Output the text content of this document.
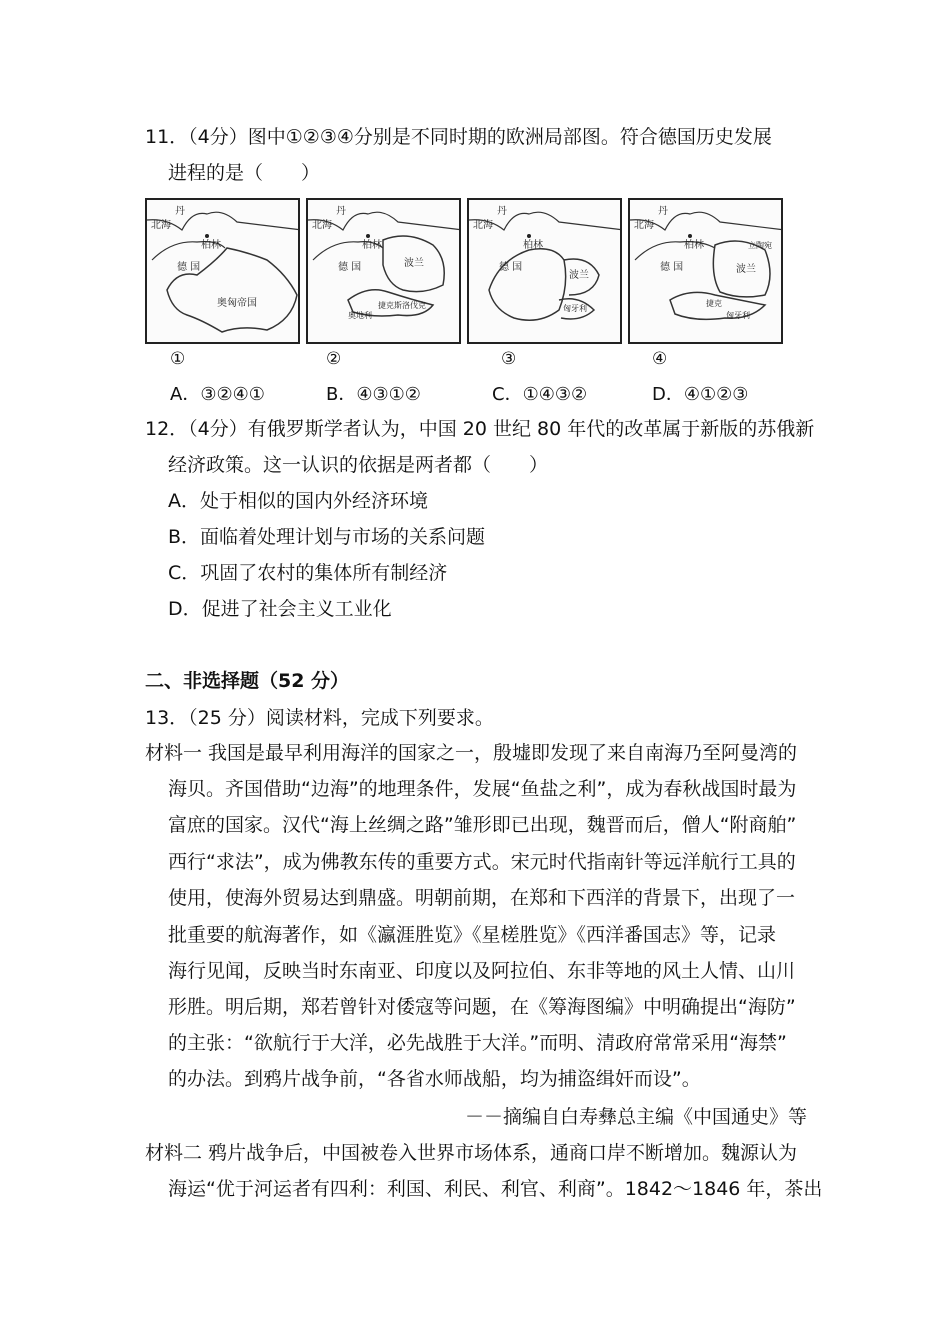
11．（4分）图中①②③④分别是不同时期的欧洲局部图。符合德国历史发展
进程的是（　　）
丹
北海
柏林
德 国
奥匈帝国
丹
北海
柏林
德 国	波兰
捷克斯洛伐克
奥地利
丹
北海
柏林
德 国
波兰
匈牙利
丹
北海
柏林
德 国	波兰
立陶宛
捷克
匈牙利
①	②	③	④
A．③②④①	B．④③①②	C．①④③②	D．④①②③
12．（4分）有俄罗斯学者认为，中国 20 世纪 80 年代的改革属于新版的苏俄新
经济政策。这一认识的依据是两者都（　　）
A．处于相似的国内外经济环境
B．面临着处理计划与市场的关系问题
C．巩固了农村的集体所有制经济
D．促进了社会主义工业化
二、非选择题（52 分）
13．（25 分）阅读材料，完成下列要求。
材料一 我国是最早利用海洋的国家之一，殷墟即发现了来自南海乃至阿曼湾的
海贝。齐国借助“边海”的地理条件，发展“鱼盐之利”，成为春秋战国时最为
富庶的国家。汉代“海上丝绸之路”雏形即已出现，魏晋而后，僧人“附商舶”
西行“求法”，成为佛教东传的重要方式。宋元时代指南针等远洋航行工具的
使用，使海外贸易达到鼎盛。明朝前期，在郑和下西洋的背景下，出现了一
批重要的航海著作，如《瀛涯胜览》《星槎胜览》《西洋番国志》等，记录
海行见闻，反映当时东南亚、印度以及阿拉伯、东非等地的风土人情、山川
形胜。明后期，郑若曾针对倭寇等问题，在《筹海图编》中明确提出“海防”
的主张：“欲航行于大洋，必先战胜于大洋。”而明、清政府常常采用“海禁”
的办法。到鸦片战争前，“各省水师战船，均为捕盗缉奸而设”。
－－摘编自白寿彝总主编《中国通史》等
材料二 鸦片战争后，中国被卷入世界市场体系，通商口岸不断增加。魏源认为
海运“优于河运者有四利：利国、利民、利官、利商”。1842～1846 年，茶出
